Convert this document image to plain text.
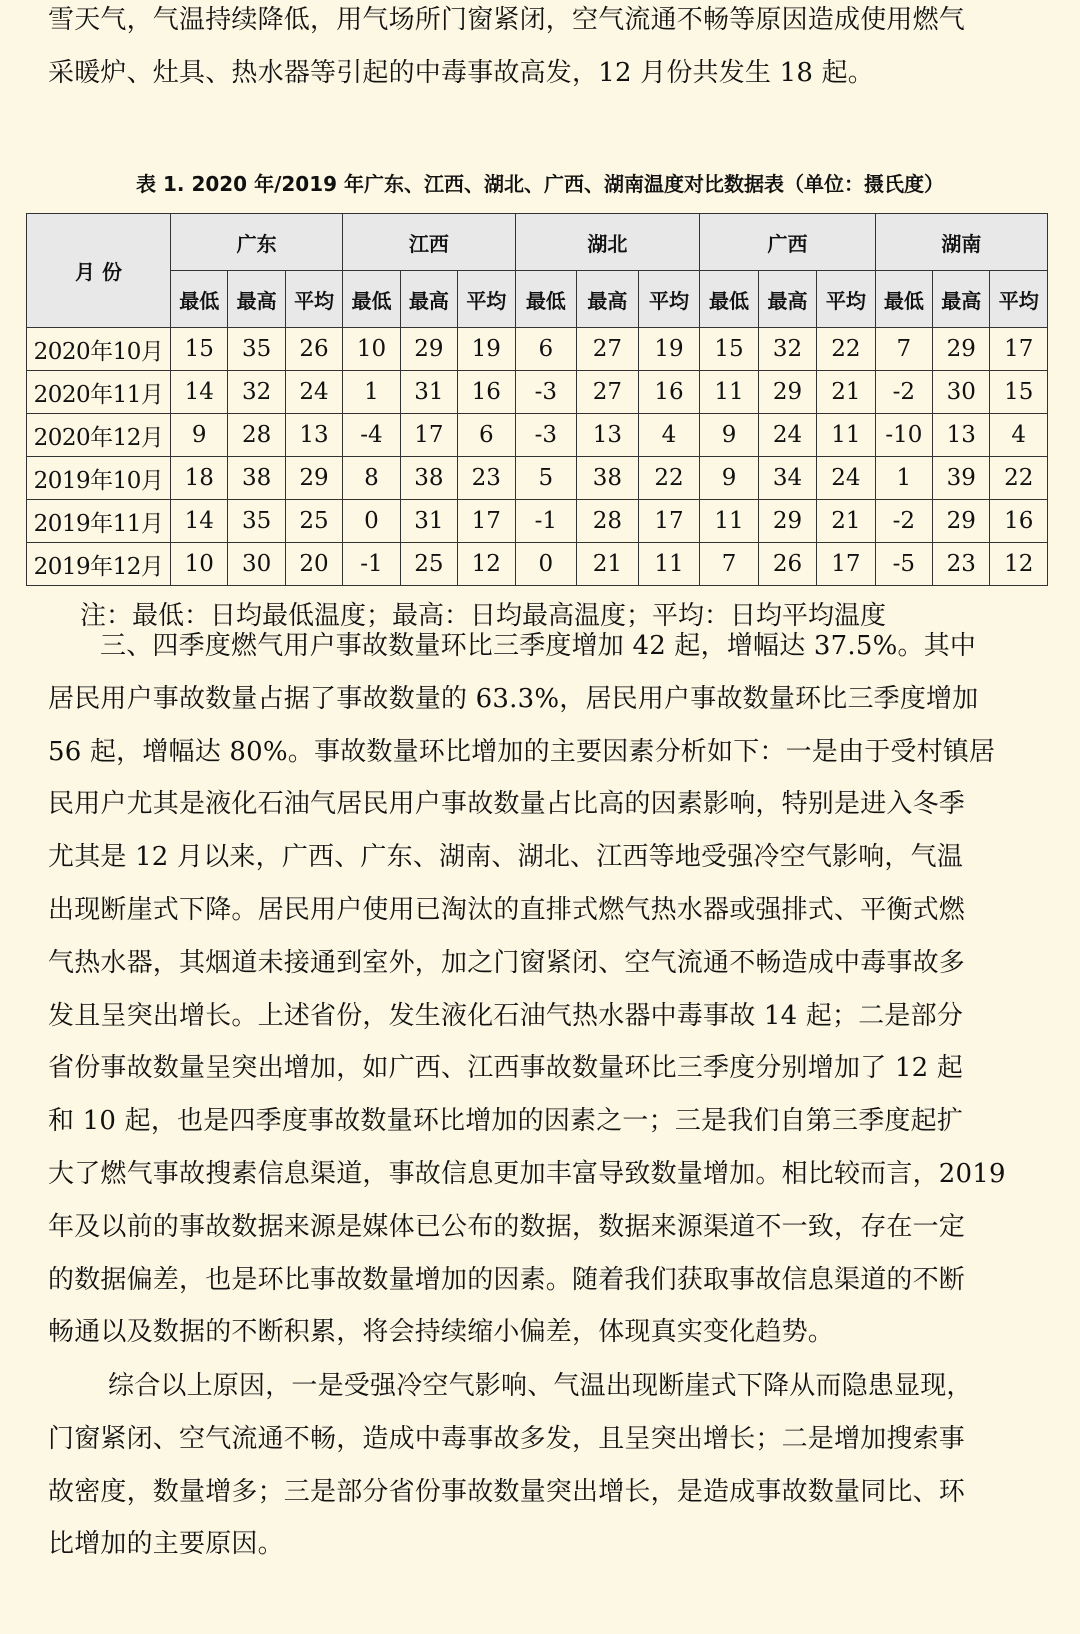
雪天气，气温持续降低，用气场所门窗紧闭，空气流通不畅等原因造成使用燃气
采暖炉、灶具、热水器等引起的中毒事故高发，12 月份共发生 18 起。
表 1. 2020 年/2019 年广东、江西、湖北、广西、湖南温度对比数据表（单位：摄氏度）
月 份	广东			江西			湖北			广西			湖南		
	最低	最高	平均	最低	最高	平均	最低	最高	平均	最低	最高	平均	最低	最高	平均
2020年10月	15	35	26	10	29	19	6	27	19	15	32	22	7	29	17
2020年11月	14	32	24	1	31	16	-3	27	16	11	29	21	-2	30	15
2020年12月	9	28	13	-4	17	6	-3	13	4	9	24	11	-10	13	4
2019年10月	18	38	29	8	38	23	5	38	22	9	34	24	1	39	22
2019年11月	14	35	25	0	31	17	-1	28	17	11	29	21	-2	29	16
2019年12月	10	30	20	-1	25	12	0	21	11	7	26	17	-5	23	12
注：最低：日均最低温度；最高：日均最高温度；平均：日均平均温度
三、四季度燃气用户事故数量环比三季度增加 42 起，增幅达 37.5%。其中
居民用户事故数量占据了事故数量的 63.3%，居民用户事故数量环比三季度增加
56 起，增幅达 80%。事故数量环比增加的主要因素分析如下：一是由于受村镇居
民用户尤其是液化石油气居民用户事故数量占比高的因素影响，特别是进入冬季
尤其是 12 月以来，广西、广东、湖南、湖北、江西等地受强冷空气影响，气温
出现断崖式下降。居民用户使用已淘汰的直排式燃气热水器或强排式、平衡式燃
气热水器，其烟道未接通到室外，加之门窗紧闭、空气流通不畅造成中毒事故多
发且呈突出增长。上述省份，发生液化石油气热水器中毒事故 14 起；二是部分
省份事故数量呈突出增加，如广西、江西事故数量环比三季度分别增加了 12 起
和 10 起，也是四季度事故数量环比增加的因素之一；三是我们自第三季度起扩
大了燃气事故搜素信息渠道，事故信息更加丰富导致数量增加。相比较而言，2019
年及以前的事故数据来源是媒体已公布的数据，数据来源渠道不一致，存在一定
的数据偏差，也是环比事故数量增加的因素。随着我们获取事故信息渠道的不断
畅通以及数据的不断积累，将会持续缩小偏差，体现真实变化趋势。
综合以上原因，一是受强冷空气影响、气温出现断崖式下降从而隐患显现，
门窗紧闭、空气流通不畅，造成中毒事故多发，且呈突出增长；二是增加搜索事
故密度，数量增多；三是部分省份事故数量突出增长，是造成事故数量同比、环
比增加的主要原因。
